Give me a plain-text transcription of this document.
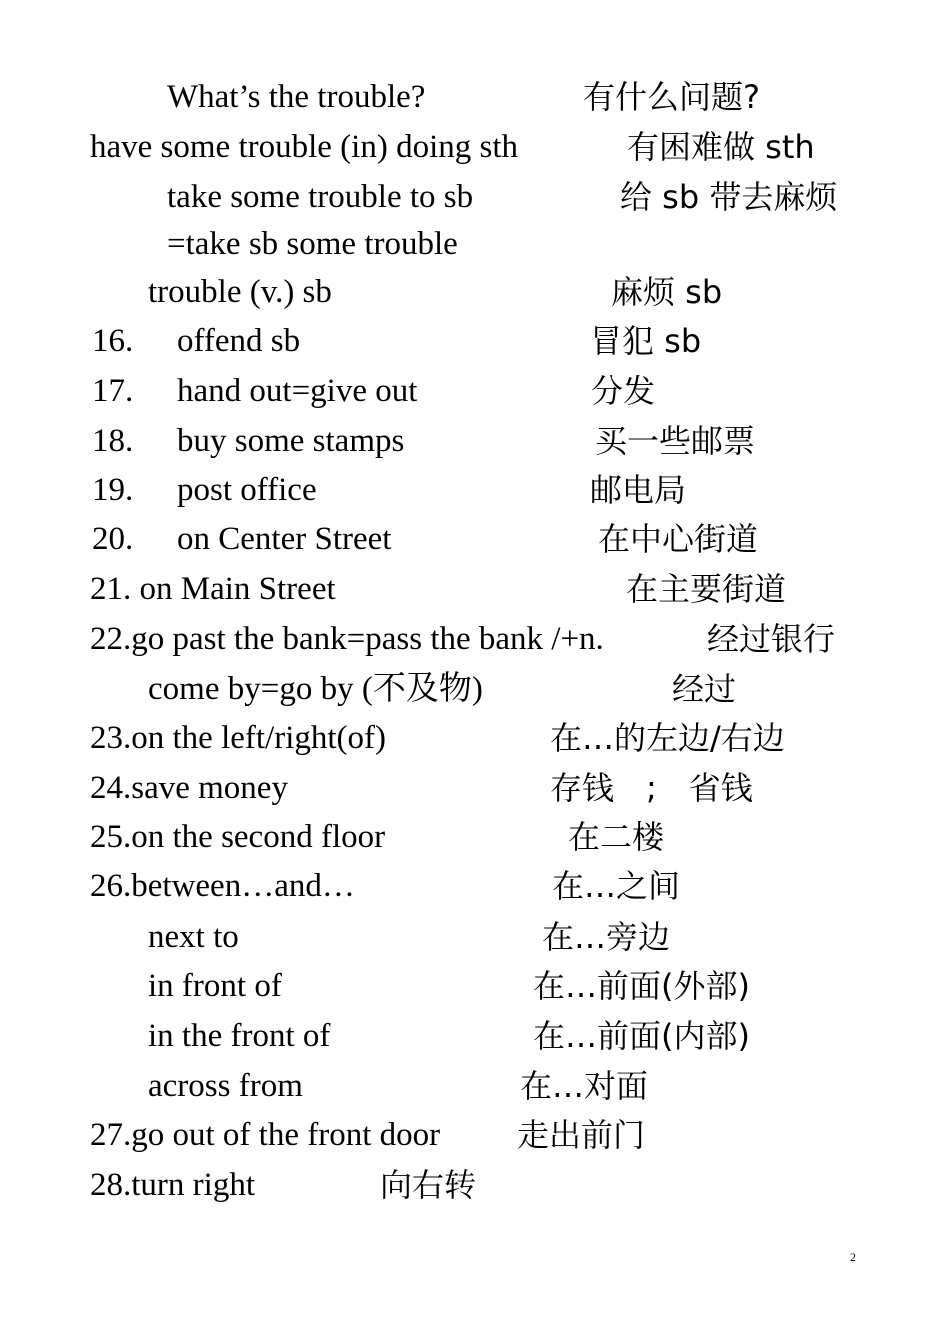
What’s the trouble?	有什么问题?
have some trouble (in) doing sth	有困难做 sth
take some trouble to sb	给 sb 带去麻烦
=take sb some trouble
trouble (v.) sb	麻烦 sb
16. offend sb	冒犯 sb
17. hand out=give out	分发
18. buy some stamps	买一些邮票
19. post office	邮电局
20. on Center Street	在中心街道
21. on Main Street	在主要街道
22.go past the bank=pass the bank /+n.	经过银行
come by=go by (不及物)	经过
23.on the left/right(of)	在…的左边/右边
24.save money	存钱　;　省钱
25.on the second floor	在二楼
26.between…and…	在…之间
next to	在…旁边
in front of	在…前面(外部)
in the front of	在…前面(内部)
across from	在…对面
27.go out of the front door 走出前门
28.turn right	向右转
2
